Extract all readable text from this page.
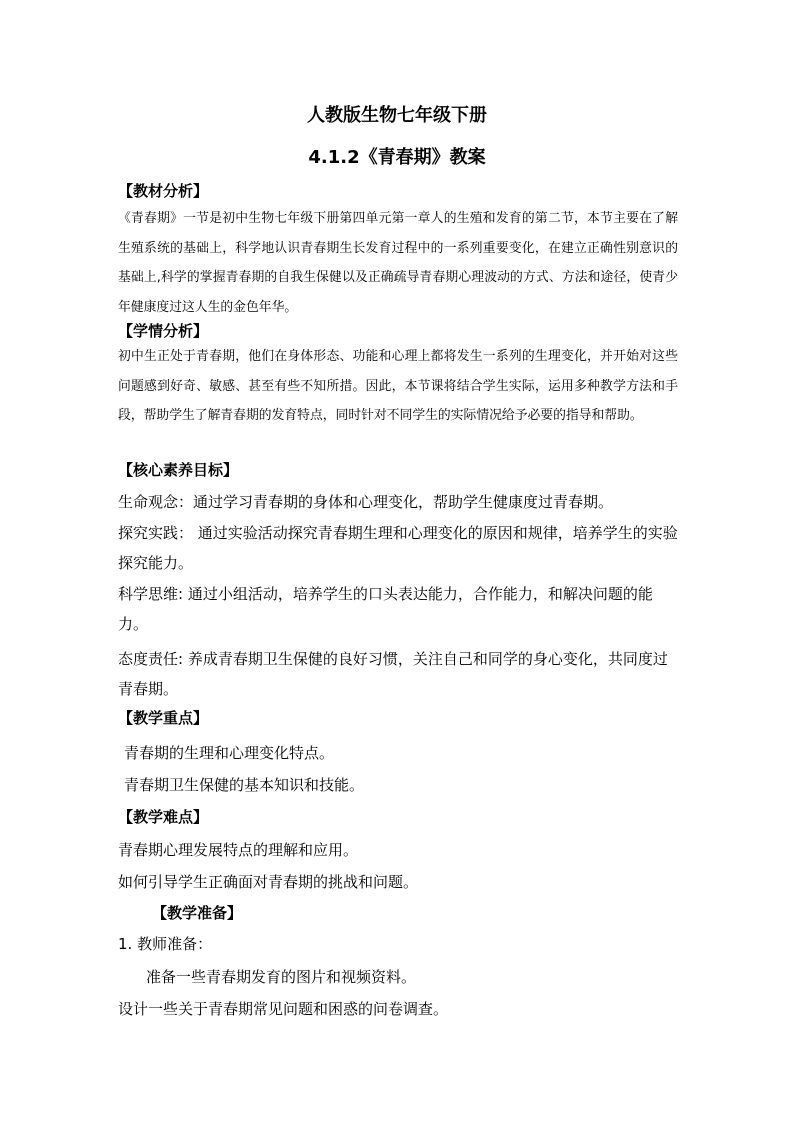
人教版生物七年级下册
4.1.2《青春期》教案
【教材分析】
《青春期》一节是初中生物七年级下册第四单元第一章人的生殖和发育的第二节，本节主要在了解生殖系统的基础上，科学地认识青春期生长发育过程中的一系列重要变化，在建立正确性别意识的基础上,科学的掌握青春期的自我生保健以及正确疏导青春期心理波动的方式、方法和途径，使青少年健康度过这人生的金色年华。
【学情分析】
初中生正处于青春期，他们在身体形态、功能和心理上都将发生一系列的生理变化，并开始对这些问题感到好奇、敏感、甚至有些不知所措。因此，本节课将结合学生实际，运用多种教学方法和手段，帮助学生了解青春期的发育特点，同时针对不同学生的实际情况给予必要的指导和帮助。
【核心素养目标】
生命观念：通过学习青春期的身体和心理变化，帮助学生健康度过青春期。
探究实践： 通过实验活动探究青春期生理和心理变化的原因和规律，培养学生的实验探究能力。
科学思维: 通过小组活动，培养学生的口头表达能力，合作能力，和解决问题的能力。
态度责任: 养成青春期卫生保健的良好习惯，关注自己和同学的身心变化，共同度过青春期。
【教学重点】
青春期的生理和心理变化特点。
青春期卫生保健的基本知识和技能。
【教学难点】
青春期心理发展特点的理解和应用。
如何引导学生正确面对青春期的挑战和问题。
【教学准备】
1. 教师准备：
准备一些青春期发育的图片和视频资料。
设计一些关于青春期常见问题和困惑的问卷调查。
